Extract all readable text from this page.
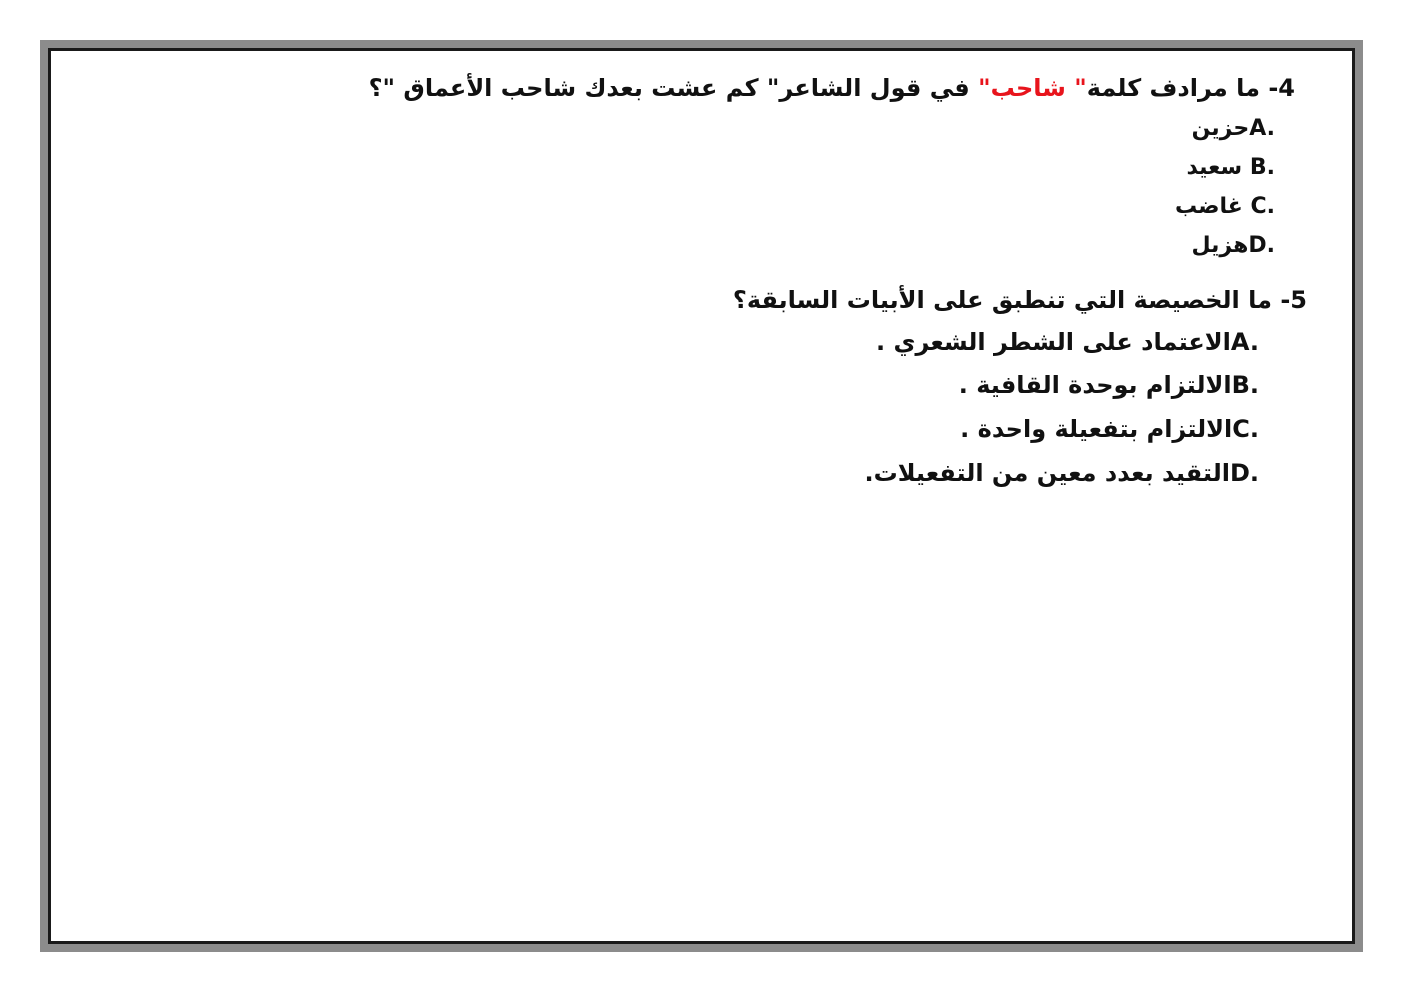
4- ما مرادف كلمة" شاحب" في قول الشاعر" كم عشت بعدك شاحب الأعماق "؟
A.حزين
B. سعيد
C. غاضب
D.هزيل
5- ما الخصيصة التي تنطبق على الأبيات السابقة؟
A.الاعتماد على الشطر الشعري .
B.الالتزام بوحدة القافية .
C.الالتزام بتفعيلة واحدة .
D.التقيد بعدد معين من التفعيلات.
